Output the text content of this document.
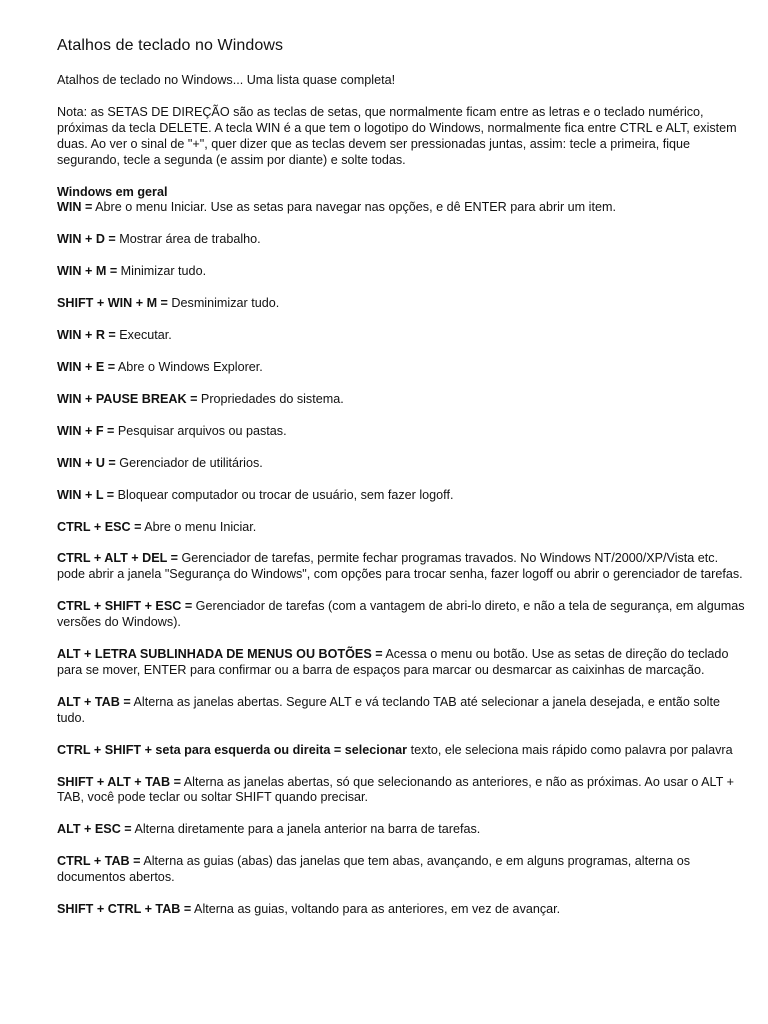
Atalhos de teclado no Windows

Atalhos de teclado no Windows... Uma lista quase completa!

Nota: as SETAS DE DIREÇÃO são as teclas de setas, que normalmente ficam entre as letras e o teclado numérico, próximas da tecla DELETE. A tecla WIN é a que tem o logotipo do Windows, normalmente fica entre CTRL e ALT, existem duas. Ao ver o sinal de "+", quer dizer que as teclas devem ser pressionadas juntas, assim: tecle a primeira, fique segurando, tecle a segunda (e assim por diante) e solte todas.

Windows em geral

WIN = Abre o menu Iniciar. Use as setas para navegar nas opções, e dê ENTER para abrir um item.

WIN + D = Mostrar área de trabalho.

WIN + M = Minimizar tudo.

SHIFT + WIN + M = Desminimizar tudo.

WIN + R = Executar.

WIN + E = Abre o Windows Explorer.

WIN + PAUSE BREAK = Propriedades do sistema.

WIN + F = Pesquisar arquivos ou pastas.

WIN + U = Gerenciador de utilitários.

WIN + L = Bloquear computador ou trocar de usuário, sem fazer logoff.

CTRL + ESC = Abre o menu Iniciar.

CTRL + ALT + DEL = Gerenciador de tarefas, permite fechar programas travados. No Windows NT/2000/XP/Vista etc. pode abrir a janela "Segurança do Windows", com opções para trocar senha, fazer logoff ou abrir o gerenciador de tarefas.

CTRL + SHIFT + ESC = Gerenciador de tarefas (com a vantagem de abri-lo direto, e não a tela de segurança, em algumas versões do Windows).

ALT + LETRA SUBLINHADA DE MENUS OU BOTÕES = Acessa o menu ou botão. Use as setas de direção do teclado para se mover, ENTER para confirmar ou a barra de espaços para marcar ou desmarcar as caixinhas de marcação.

ALT + TAB = Alterna as janelas abertas. Segure ALT e vá teclando TAB até selecionar a janela desejada, e então solte tudo.

CTRL + SHIFT + seta para esquerda ou direita = selecionar texto, ele seleciona mais rápido como palavra por palavra

SHIFT + ALT + TAB = Alterna as janelas abertas, só que selecionando as anteriores, e não as próximas. Ao usar o ALT + TAB, você pode teclar ou soltar SHIFT quando precisar.

ALT + ESC = Alterna diretamente para a janela anterior na barra de tarefas.

CTRL + TAB = Alterna as guias (abas) das janelas que tem abas, avançando, e em alguns programas, alterna os documentos abertos.

SHIFT + CTRL + TAB = Alterna as guias, voltando para as anteriores, em vez de avançar.
